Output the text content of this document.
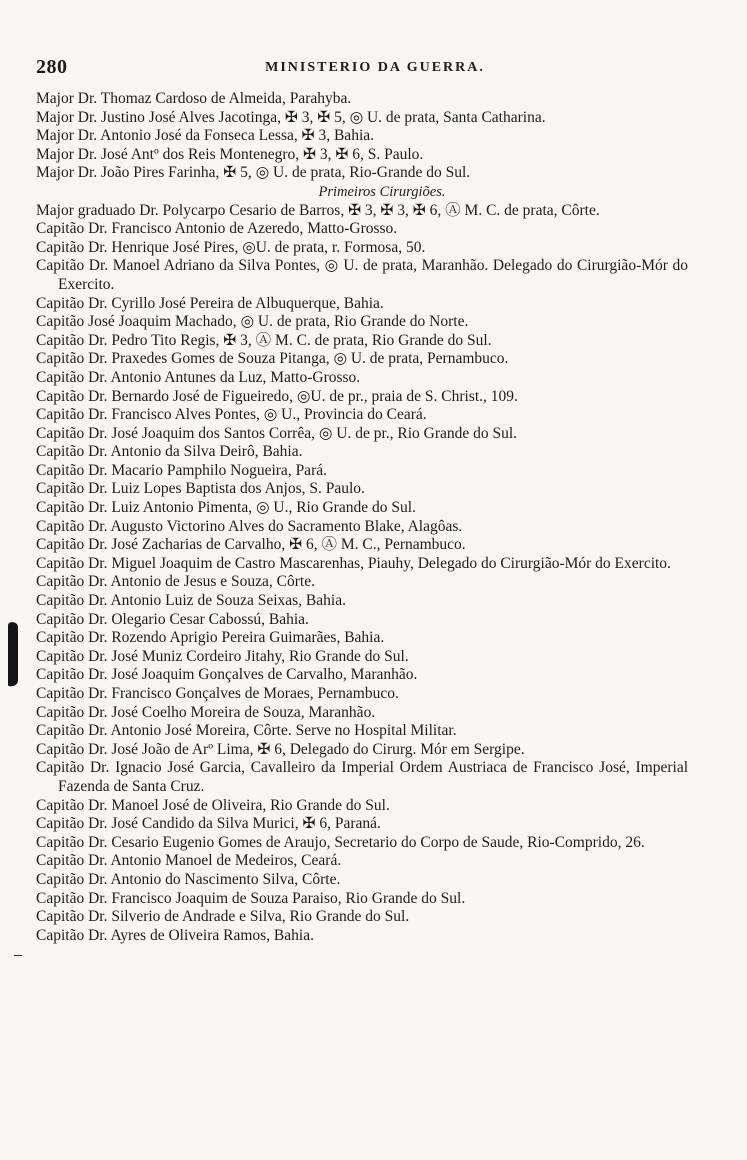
280	MINISTERIO DA GUERRA.
Major Dr. Thomaz Cardoso de Almeida, Parahyba.
Major Dr. Justino José Alves Jacotinga, ✠ 3, ✠ 5, ◎ U. de prata, Santa Catharina.
Major Dr. Antonio José da Fonseca Lessa, ✠ 3, Bahia.
Major Dr. José Antº dos Reis Montenegro, ✠ 3, ✠ 6, S. Paulo.
Major Dr. João Pires Farinha, ✠ 5, ◎ U. de prata, Rio-Grande do Sul.
Primeiros Cirurgiões.
Major graduado Dr. Polycarpo Cesario de Barros, ✠ 3, ✠ 3, ✠ 6, Ⓐ M. C. de prata, Côrte.
Capitão Dr. Francisco Antonio de Azeredo, Matto-Grosso.
Capitão Dr. Henrique José Pires, ◎U. de prata, r. Formosa, 50.
Capitão Dr. Manoel Adriano da Silva Pontes, ◎ U. de prata, Maranhão. Delegado do Cirurgião-Mór do Exercito.
Capitão Dr. Cyrillo José Pereira de Albuquerque, Bahia.
Capitão José Joaquim Machado, ◎ U. de prata, Rio Grande do Norte.
Capitão Dr. Pedro Tito Regis, ✠ 3, Ⓐ M. C. de prata, Rio Grande do Sul.
Capitão Dr. Praxedes Gomes de Souza Pitanga, ◎ U. de prata, Pernambuco.
Capitão Dr. Antonio Antunes da Luz, Matto-Grosso.
Capitão Dr. Bernardo José de Figueiredo, ◎U. de pr., praia de S. Christ., 109.
Capitão Dr. Francisco Alves Pontes, ◎ U., Provincia do Ceará.
Capitão Dr. José Joaquim dos Santos Corrêa, ◎ U. de pr., Rio Grande do Sul.
Capitão Dr. Antonio da Silva Deirô, Bahia.
Capitão Dr. Macario Pamphilo Nogueira, Pará.
Capitão Dr. Luiz Lopes Baptista dos Anjos, S. Paulo.
Capitão Dr. Luiz Antonio Pimenta, ◎ U., Rio Grande do Sul.
Capitão Dr. Augusto Victorino Alves do Sacramento Blake, Alagôas.
Capitão Dr. José Zacharias de Carvalho, ✠ 6, Ⓐ M. C., Pernambuco.
Capitão Dr. Miguel Joaquim de Castro Mascarenhas, Piauhy, Delegado do Cirurgião-Mór do Exercito.
Capitão Dr. Antonio de Jesus e Souza, Côrte.
Capitão Dr. Antonio Luiz de Souza Seixas, Bahia.
Capitão Dr. Olegario Cesar Cabossú, Bahia.
Capitão Dr. Rozendo Aprigio Pereira Guimarães, Bahia.
Capitão Dr. José Muniz Cordeiro Jitahy, Rio Grande do Sul.
Capitão Dr. José Joaquim Gonçalves de Carvalho, Maranhão.
Capitão Dr. Francisco Gonçalves de Moraes, Pernambuco.
Capitão Dr. José Coelho Moreira de Souza, Maranhão.
Capitão Dr. Antonio José Moreira, Côrte. Serve no Hospital Militar.
Capitão Dr. José João de Arº Lima, ✠ 6, Delegado do Cirurg. Mór em Sergipe.
Capitão Dr. Ignacio José Garcia, Cavalleiro da Imperial Ordem Austriaca de Francisco José, Imperial Fazenda de Santa Cruz.
Capitão Dr. Manoel José de Oliveira, Rio Grande do Sul.
Capitão Dr. José Candido da Silva Murici, ✠ 6, Paraná.
Capitão Dr. Cesario Eugenio Gomes de Araujo, Secretario do Corpo de Saude, Rio-Comprido, 26.
Capitão Dr. Antonio Manoel de Medeiros, Ceará.
Capitão Dr. Antonio do Nascimento Silva, Côrte.
Capitão Dr. Francisco Joaquim de Souza Paraiso, Rio Grande do Sul.
Capitão Dr. Silverio de Andrade e Silva, Rio Grande do Sul.
Capitão Dr. Ayres de Oliveira Ramos, Bahia.
